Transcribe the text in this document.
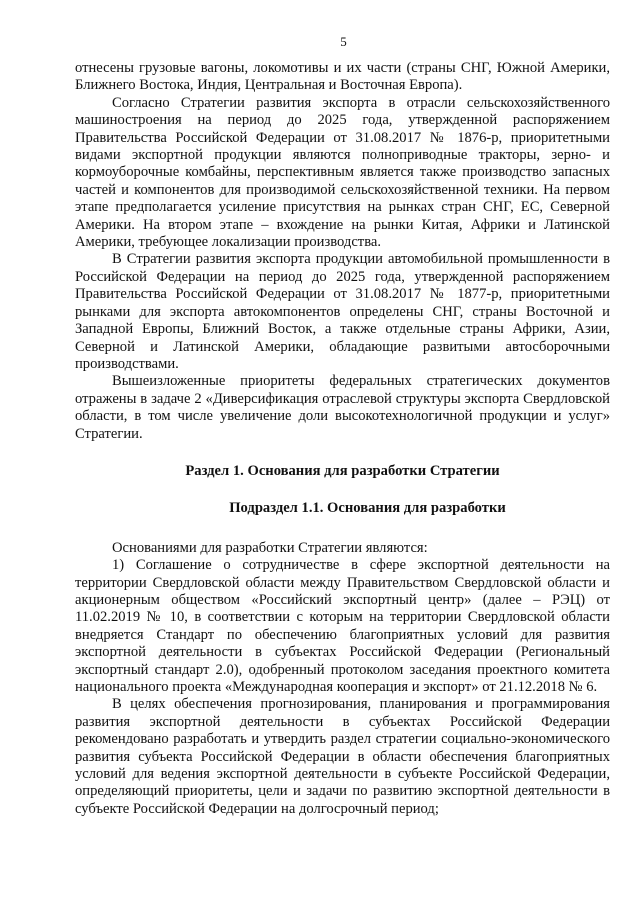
5

отнесены грузовые вагоны, локомотивы и их части (страны СНГ, Южной Америки, Ближнего Востока, Индия, Центральная и Восточная Европа).

Согласно Стратегии развития экспорта в отрасли сельскохозяйственного машиностроения на период до 2025 года, утвержденной распоряжением Правительства Российской Федерации от 31.08.2017 № 1876-р, приоритетными видами экспортной продукции являются полноприводные тракторы, зерно- и кормоуборочные комбайны, перспективным является также производство запасных частей и компонентов для производимой сельскохозяйственной техники. На первом этапе предполагается усиление присутствия на рынках стран СНГ, ЕС, Северной Америки. На втором этапе – вхождение на рынки Китая, Африки и Латинской Америки, требующее локализации производства.

В Стратегии развития экспорта продукции автомобильной промышленности в Российской Федерации на период до 2025 года, утвержденной распоряжением Правительства Российской Федерации от 31.08.2017 № 1877-р, приоритетными рынками для экспорта автокомпонентов определены СНГ, страны Восточной и Западной Европы, Ближний Восток, а также отдельные страны Африки, Азии, Северной и Латинской Америки, обладающие развитыми автосборочными производствами.

Вышеизложенные приоритеты федеральных стратегических документов отражены в задаче 2 «Диверсификация отраслевой структуры экспорта Свердловской области, в том числе увеличение доли высокотехнологичной продукции и услуг» Стратегии.

Раздел 1. Основания для разработки Стратегии
Подраздел 1.1. Основания для разработки

Основаниями для разработки Стратегии являются:

1) Соглашение о сотрудничестве в сфере экспортной деятельности на территории Свердловской области между Правительством Свердловской области и акционерным обществом «Российский экспортный центр» (далее – РЭЦ) от 11.02.2019 № 10, в соответствии с которым на территории Свердловской области внедряется Стандарт по обеспечению благоприятных условий для развития экспортной деятельности в субъектах Российской Федерации (Региональный экспортный стандарт 2.0), одобренный протоколом заседания проектного комитета национального проекта «Международная кооперация и экспорт» от 21.12.2018 № 6.

В целях обеспечения прогнозирования, планирования и программирования развития экспортной деятельности в субъектах Российской Федерации рекомендовано разработать и утвердить раздел стратегии социально-экономического развития субъекта Российской Федерации в области обеспечения благоприятных условий для ведения экспортной деятельности в субъекте Российской Федерации, определяющий приоритеты, цели и задачи по развитию экспортной деятельности в субъекте Российской Федерации на долгосрочный период;
